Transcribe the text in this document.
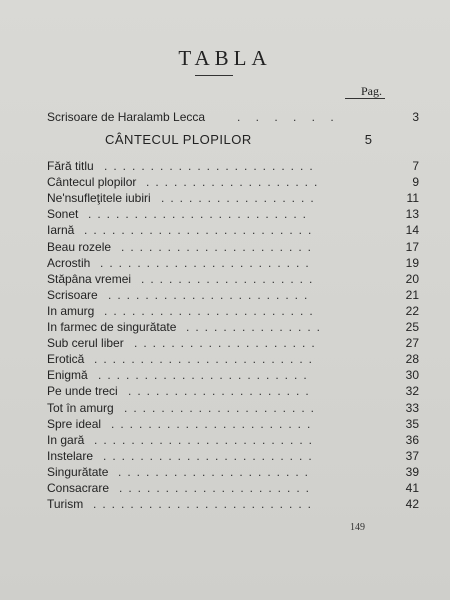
TABLA
Pag.
Scrisoare de Haralamb Lecca	. . . . . .	3
CÂNTECUL PLOPILOR	5
Fără titlu .......................	7
Cântecul plopilor ...................	9
Ne'nsufleţitele iubiri .................	11
Sonet ........................	13
Iarnă .........................	14
Beau rozele .....................	17
Acrostih .......................	19
Stăpâna vremei ...................	20
Scrisoare ......................	21
In amurg .......................	22
In farmec de singurătate ...............	25
Sub cerul liber ....................	27
Erotică ........................	28
Enigmă .......................	30
Pe unde treci ....................	32
Tot în amurg .....................	33
Spre ideal ......................	35
In gară ........................	36
Instelare .......................	37
Singurătate .....................	39
Consacrare .....................	41
Turism ........................	42
149
